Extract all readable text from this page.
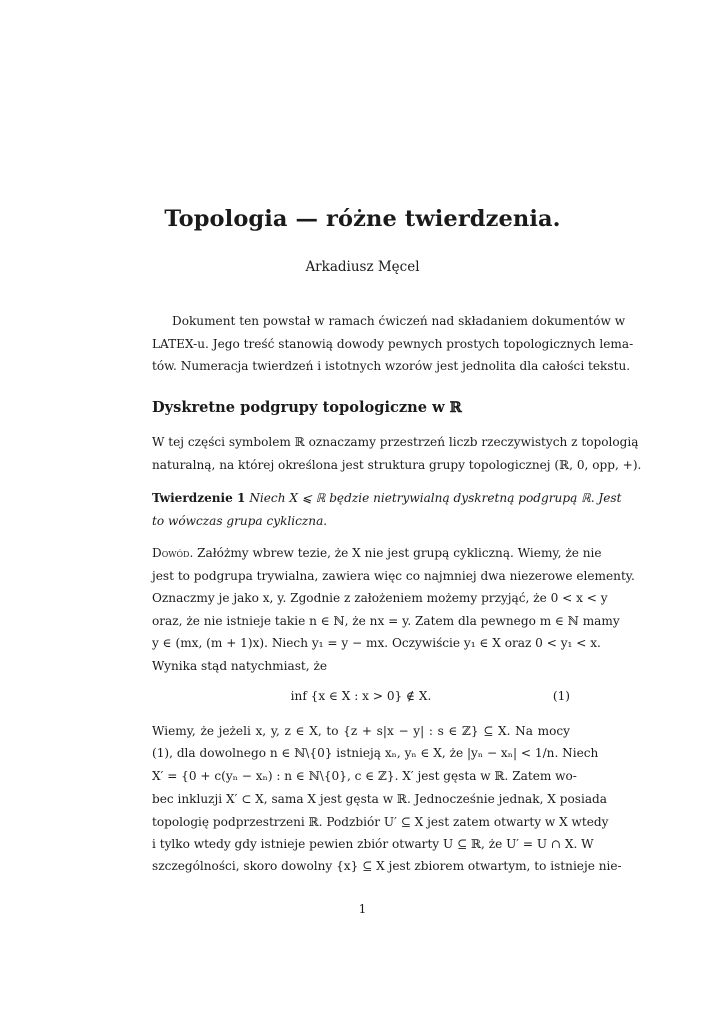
Topologia — różne twierdzenia.
Arkadiusz Męcel
Dokument ten powstał w ramach ćwiczeń nad składaniem dokumentów w
LATEX-u. Jego treść stanowią dowody pewnych prostych topologicznych lema-
tów. Numeracja twierdzeń i istotnych wzorów jest jednolita dla całości tekstu.
Dyskretne podgrupy topologiczne w ℝ
W tej części symbolem ℝ oznaczamy przestrzeń liczb rzeczywistych z topologią
naturalną, na której określona jest struktura grupy topologicznej (ℝ, 0, opp, +).
Twierdzenie 1 Niech X ⩽ ℝ będzie nietrywialną dyskretną podgrupą ℝ. Jest
to wówczas grupa cykliczna.
Dowód. Załóżmy wbrew tezie, że X nie jest grupą cykliczną. Wiemy, że nie
jest to podgrupa trywialna, zawiera więc co najmniej dwa niezerowe elementy.
Oznaczmy je jako x, y. Zgodnie z założeniem możemy przyjąć, że 0 < x < y
oraz, że nie istnieje takie n ∈ ℕ, że nx = y. Zatem dla pewnego m ∈ ℕ mamy
y ∈ (mx, (m + 1)x). Niech y₁ = y − mx. Oczywiście y₁ ∈ X oraz 0 < y₁ < x.
Wynika stąd natychmiast, że
inf {x ∈ X : x > 0} ∉ X.	(1)
Wiemy, że jeżeli x, y, z ∈ X, to {z + s|x − y| : s ∈ ℤ} ⊆ X. Na mocy
(1), dla dowolnego n ∈ ℕ\{0} istnieją xₙ, yₙ ∈ X, że |yₙ − xₙ| < 1/n. Niech
X′ = {0 + c(yₙ − xₙ) : n ∈ ℕ\{0}, c ∈ ℤ}. X′ jest gęsta w ℝ. Zatem wo-
bec inkluzji X′ ⊂ X, sama X jest gęsta w ℝ. Jednocześnie jednak, X posiada
topologię podprzestrzeni ℝ. Podzbiór U′ ⊆ X jest zatem otwarty w X wtedy
i tylko wtedy gdy istnieje pewien zbiór otwarty U ⊆ ℝ, że U′ = U ∩ X. W
szczególności, skoro dowolny {x} ⊆ X jest zbiorem otwartym, to istnieje nie-
1
